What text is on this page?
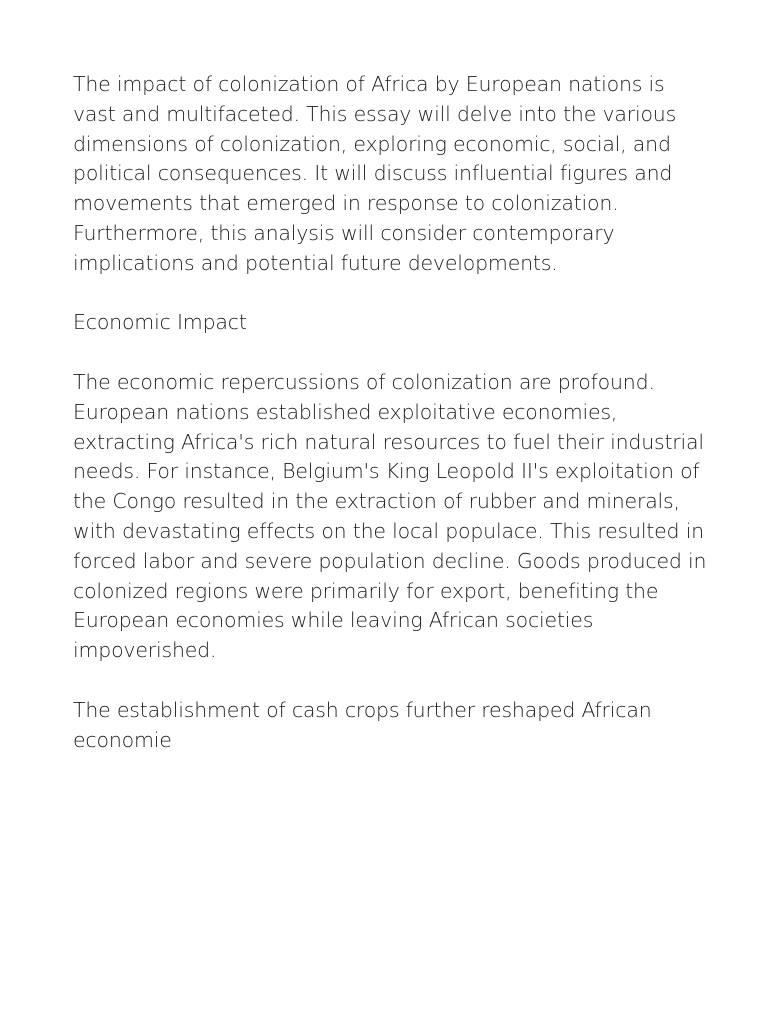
The impact of colonization of Africa by European nations is vast and multifaceted. This essay will delve into the various dimensions of colonization, exploring economic, social, and political consequences. It will discuss influential figures and movements that emerged in response to colonization. Furthermore, this analysis will consider contemporary implications and potential future developments.

Economic Impact

The economic repercussions of colonization are profound. European nations established exploitative economies, extracting Africa's rich natural resources to fuel their industrial needs. For instance, Belgium's King Leopold II's exploitation of the Congo resulted in the extraction of rubber and minerals, with devastating effects on the local populace. This resulted in forced labor and severe population decline. Goods produced in colonized regions were primarily for export, benefiting the European economies while leaving African societies impoverished.

The establishment of cash crops further reshaped African economie
